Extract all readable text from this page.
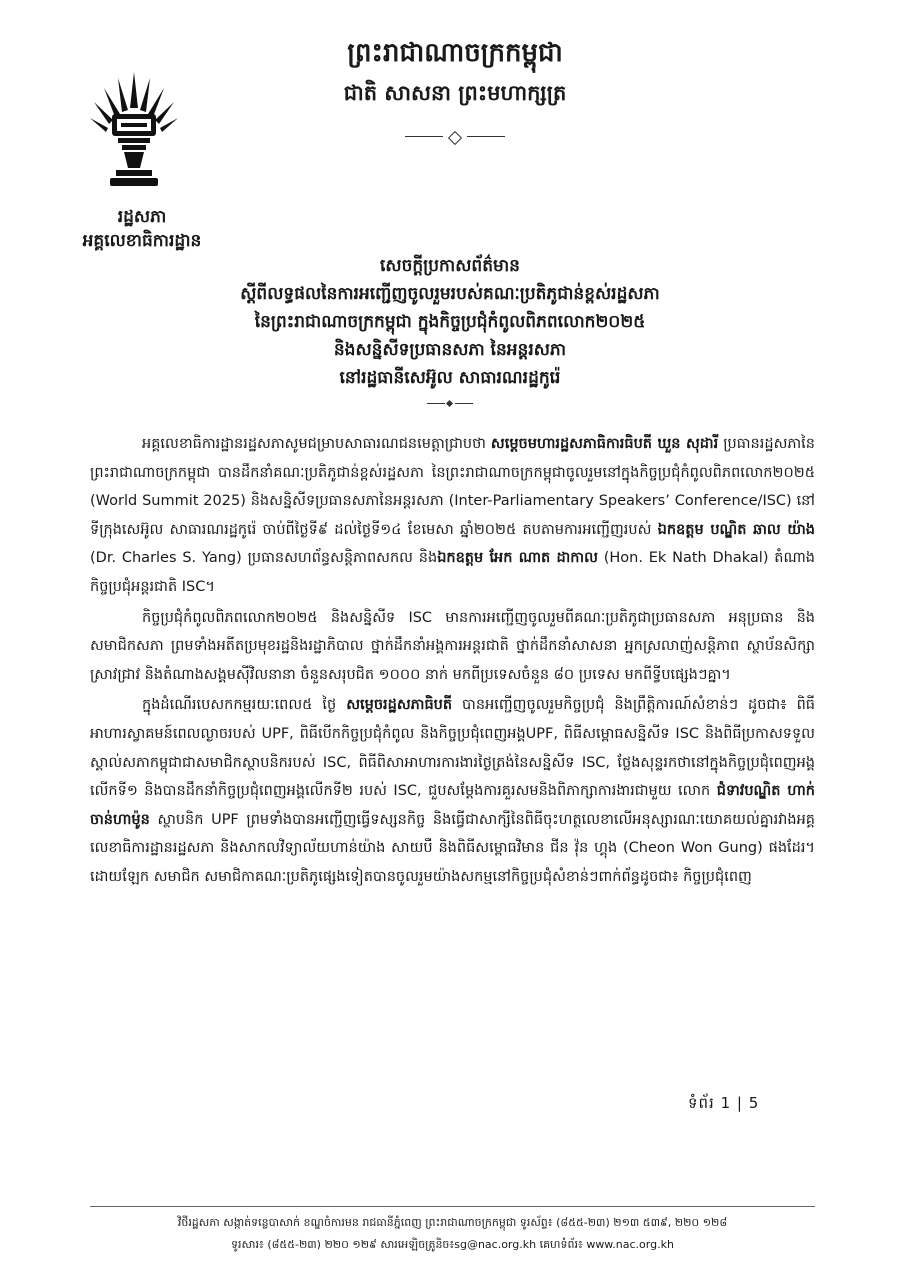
ព្រះរាជាណាចក្រកម្ពុជា

ជាតិ សាសនា ព្រះមហាក្សត្រ

រដ្ឋសភា

អគ្គលេខាធិការដ្ឋាន

សេចក្តីប្រកាសព័ត៌មាន

ស្តីពីលទ្ធផលនៃការអញ្ជើញចូលរួមរបស់គណៈប្រតិភូជាន់ខ្ពស់រដ្ឋសភា

នៃព្រះរាជាណាចក្រកម្ពុជា ក្នុងកិច្ចប្រជុំកំពូលពិភពលោក២០២៥

និងសន្និសីទប្រធានសភា នៃអន្តរសភា

នៅរដ្ឋធានីសេអ៊ូល សាធារណរដ្ឋកូរ៉េ

អគ្គលេខាធិការដ្ឋានរដ្ឋសភាសូមជម្រាបសាធារណជនមេត្តាជ្រាបថា សម្តេចមហារដ្ឋសភាធិការធិបតី ឃួន សុដារី ប្រធានរដ្ឋសភានៃព្រះរាជាណាចក្រកម្ពុជា បានដឹកនាំគណៈប្រតិភូជាន់ខ្ពស់រដ្ឋសភា នៃព្រះរាជាណាចក្រកម្ពុជាចូលរួមនៅក្នុងកិច្ចប្រជុំកំពូលពិភពលោក២០២៥ (World Summit 2025) និងសន្និសីទប្រធានសភានៃអន្តរសភា (Inter-Parliamentary Speakers’ Conference/ISC) នៅទីក្រុងសេអ៊ូល សាធារណរដ្ឋកូរ៉េ ចាប់ពីថ្ងៃទី៩ ដល់ថ្ងៃទី១៤ ខែមេសា ឆ្នាំ២០២៥ តបតាមការអញ្ជើញរបស់ ឯកឧត្តម បណ្ឌិត ឆាល យ៉ាង (Dr. Charles S. Yang) ប្រធានសហព័ន្ធសន្តិភាពសកល និងឯកឧត្តម អែក ណាត ដាកាល (Hon. Ek Nath Dhakal) តំណាងកិច្ចប្រជុំអន្តរជាតិ ISC។

កិច្ចប្រជុំកំពូលពិភពលោក២០២៥ និងសន្និសីទ ISC មានការអញ្ជើញចូលរួមពីគណៈប្រតិភូជាប្រធានសភា អនុប្រធាន និងសមាជិកសភា ព្រមទាំងអតីតប្រមុខរដ្ឋនិងរដ្ឋាភិបាល ថ្នាក់ដឹកនាំអង្គការអន្តរជាតិ ថ្នាក់ដឹកនាំសាសនា អ្នកស្រលាញ់សន្តិភាព ស្ថាប័នសិក្សាស្រាវជ្រាវ និងតំណាងសង្គមស៊ីវិលនានា ចំនួនសរុបជិត ១០០០ នាក់ មកពីប្រទេសចំនួន ៨០ ប្រទេស មកពីទ្វីបផ្សេងៗគ្នា។

ក្នុងដំណើរបេសកកម្មរយៈពេល៥ ថ្ងៃ សម្តេចរដ្ឋសភាធិបតី បានអញ្ជើញចូលរួមកិច្ចប្រជុំ និងព្រឹត្តិការណ៍សំខាន់ៗ ដូចជា៖ ពិធីអាហារស្វាគមន៍ពេលល្ងាចរបស់ UPF, ពិធីបើកកិច្ចប្រជុំកំពូល និងកិច្ចប្រជុំពេញអង្គUPF, ពិធីសម្ពោធសន្និសីទ ISC និងពិធីប្រកាសទទួលស្គាល់សភាកម្ពុជាជាសមាជិកស្ថាបនិករបស់ ISC, ពិធីពិសាអាហារការងារថ្ងៃត្រង់នៃសន្និសីទ ISC, ថ្លែងសុន្ទរកថានៅក្នុងកិច្ចប្រជុំពេញអង្គលើកទី១ និងបានដឹកនាំកិច្ចប្រជុំពេញអង្គលើកទី២ របស់ ISC, ជួបសម្តែងការគួរសមនិងពិភាក្សាការងារជាមួយ លោក ជំទាវបណ្ឌិត ហាក់ ចាន់ហាម៉ូន ស្ថាបនិក UPF ព្រមទាំងបានអញ្ជើញធ្វើទស្សនកិច្ច និងធ្វើជាសាក្សីនៃពិធីចុះហត្ថលេខាលើអនុស្សារណៈយោគយល់គ្នារវាងអគ្គលេខាធិការដ្ឋានរដ្ឋសភា និងសាកលវិទ្យាល័យហាន់យ៉ាង សាយបឺ និងពិធីសម្ពោធវិមាន ជីន វ៉ុន ហ្គុង (Cheon Won Gung) ផងដែរ។ ដោយឡែក សមាជិក សមាជិកាគណៈប្រតិភូផ្សេងទៀតបានចូលរួមយ៉ាងសកម្មនៅកិច្ចប្រជុំសំខាន់ៗពាក់ព័ន្ធដូចជា៖ កិច្ចប្រជុំពេញ

ទំព័រ 1 | 5

វិថីរដ្ឋសភា សង្កាត់ទន្លេបាសាក់ ខណ្ឌចំការមន រាជធានីភ្នំពេញ ព្រះរាជាណាចក្រកម្ពុជា ទូរស័ព្ទ៖ (៨៥៥-២៣) ២១៣ ៥៣៩, ២២០ ១២៨

ទូរសារ៖ (៨៥៥-២៣) ២២០ ១២៩ សារអេឡិចត្រូនិច៖sg@nac.org.kh គេហទំព័រ៖ www.nac.org.kh
